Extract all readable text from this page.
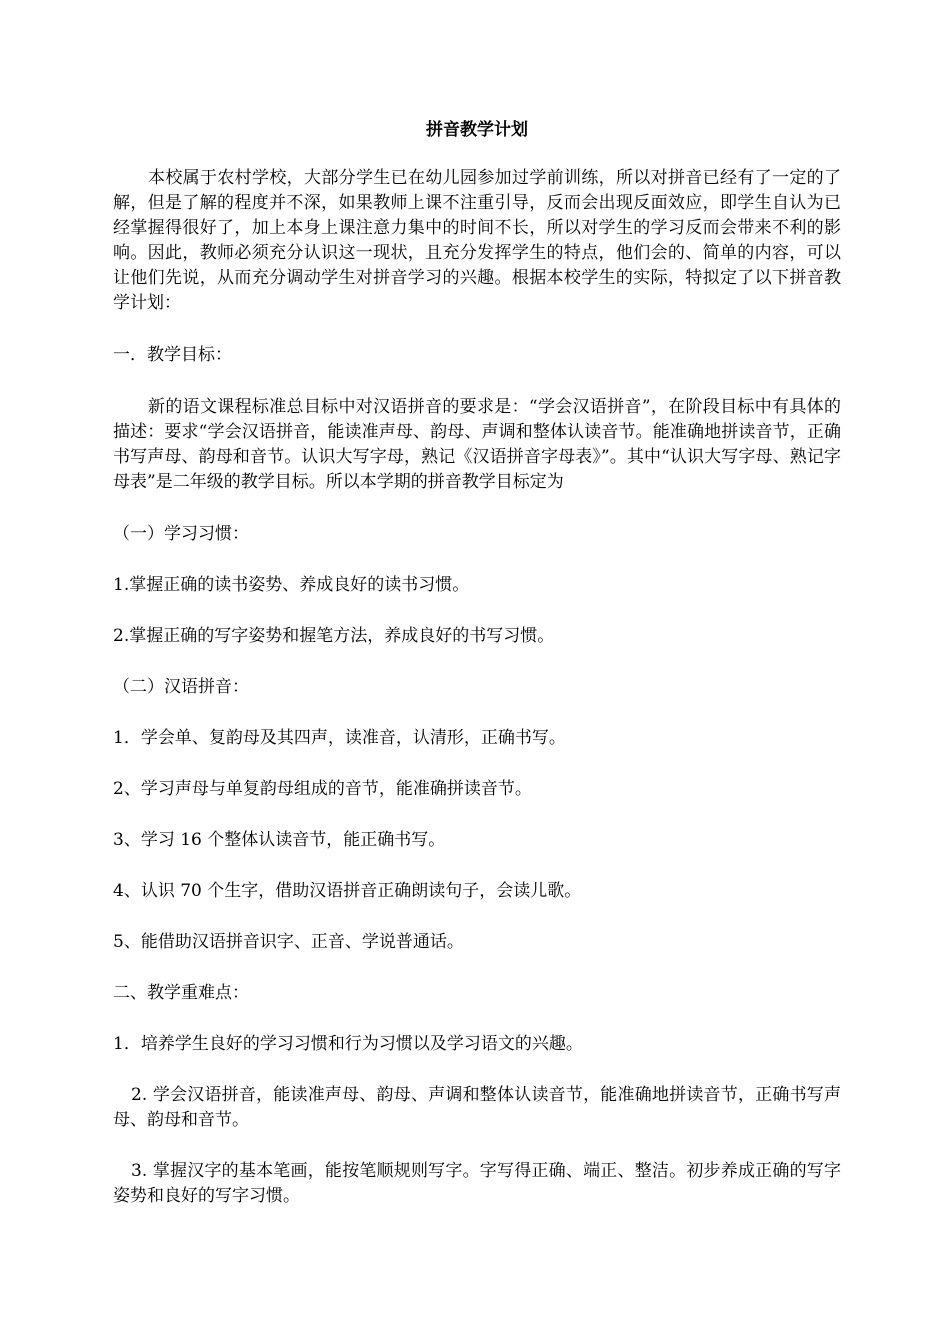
拼音教学计划

本校属于农村学校，大部分学生已在幼儿园参加过学前训练，所以对拼音已经有了一定的了解，但是了解的程度并不深，如果教师上课不注重引导，反而会出现反面效应，即学生自认为已经掌握得很好了，加上本身上课注意力集中的时间不长，所以对学生的学习反而会带来不利的影响。因此，教师必须充分认识这一现状，且充分发挥学生的特点，他们会的、简单的内容，可以让他们先说，从而充分调动学生对拼音学习的兴趣。根据本校学生的实际，特拟定了以下拼音教学计划：

一．教学目标：

新的语文课程标准总目标中对汉语拼音的要求是：“学会汉语拼音”，在阶段目标中有具体的描述：要求“学会汉语拼音，能读准声母、韵母、声调和整体认读音节。能准确地拼读音节，正确书写声母、韵母和音节。认识大写字母，熟记《汉语拼音字母表》”。其中“认识大写字母、熟记字母表”是二年级的教学目标。所以本学期的拼音教学目标定为

（一）学习习惯：

1.掌握正确的读书姿势、养成良好的读书习惯。

2.掌握正确的写字姿势和握笔方法，养成良好的书写习惯。

（二）汉语拼音：

1．学会单、复韵母及其四声，读准音，认清形，正确书写。

2、学习声母与单复韵母组成的音节，能准确拼读音节。

3、学习 16 个整体认读音节，能正确书写。

4、认识 70 个生字，借助汉语拼音正确朗读句子，会读儿歌。

5、能借助汉语拼音识字、正音、学说普通话。

二、教学重难点：

1．培养学生良好的学习习惯和行为习惯以及学习语文的兴趣。

2. 学会汉语拼音，能读准声母、韵母、声调和整体认读音节，能准确地拼读音节，正确书写声母、韵母和音节。

3. 掌握汉字的基本笔画，能按笔顺规则写字。字写得正确、端正、整洁。初步养成正确的写字姿势和良好的写字习惯。
